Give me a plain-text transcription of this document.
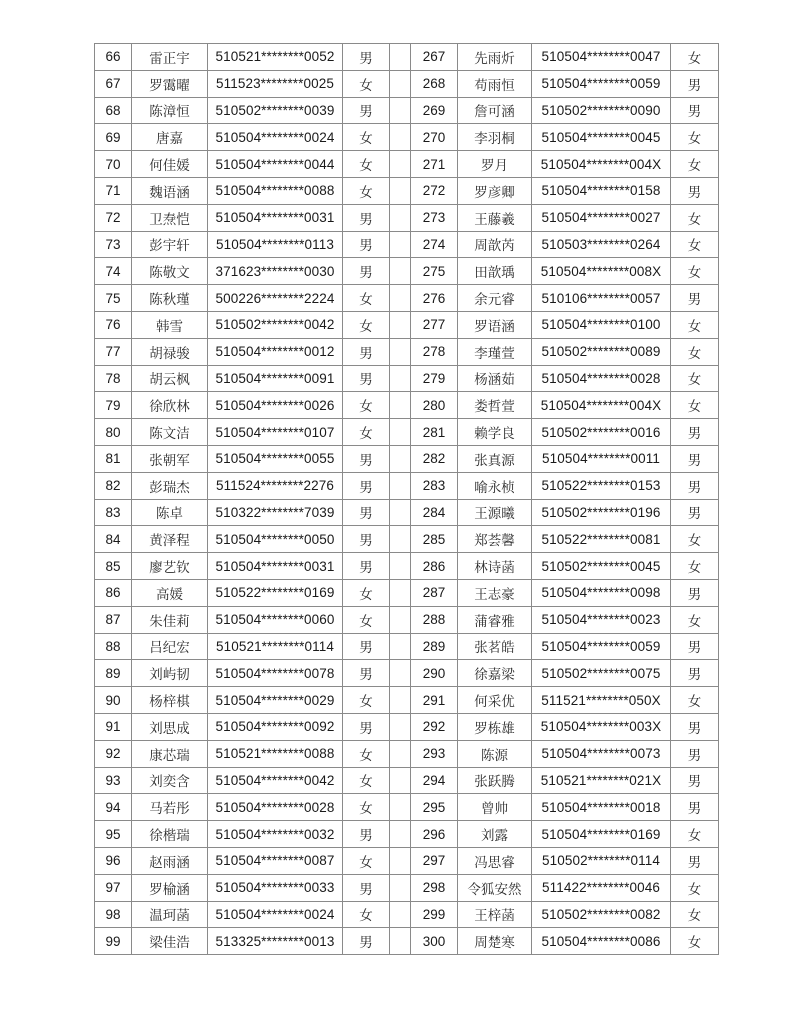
66	雷正宇	510521********0052	男		267	先雨炘	510504********0047	女
67	罗霭曜	511523********0025	女		268	苟雨恒	510504********0059	男
68	陈漳恒	510502********0039	男		269	詹可涵	510502********0090	男
69	唐嘉	510504********0024	女		270	李羽桐	510504********0045	女
70	何佳媛	510504********0044	女		271	罗月	510504********004X	女
71	魏语涵	510504********0088	女		272	罗彦卿	510504********0158	男
72	卫焘恺	510504********0031	男		273	王藤羲	510504********0027	女
73	彭宇轩	510504********0113	男		274	周歆芮	510503********0264	女
74	陈敬文	371623********0030	男		275	田歆瑀	510504********008X	女
75	陈秋瑾	500226********2224	女		276	余元睿	510106********0057	男
76	韩雪	510502********0042	女		277	罗语涵	510504********0100	女
77	胡禄骏	510504********0012	男		278	李瑾萱	510502********0089	女
78	胡云枫	510504********0091	男		279	杨涵茹	510504********0028	女
79	徐欣林	510504********0026	女		280	娄哲萱	510504********004X	女
80	陈文洁	510504********0107	女		281	赖学良	510502********0016	男
81	张朝军	510504********0055	男		282	张真源	510504********0011	男
82	彭瑞杰	511524********2276	男		283	喻永桢	510522********0153	男
83	陈卓	510322********7039	男		284	王源曦	510502********0196	男
84	黄泽程	510504********0050	男		285	郑荟馨	510522********0081	女
85	廖艺钦	510504********0031	男		286	林诗菡	510502********0045	女
86	高媛	510522********0169	女		287	王志豪	510504********0098	男
87	朱佳莉	510504********0060	女		288	蒲睿雅	510504********0023	女
88	吕纪宏	510521********0114	男		289	张茗皓	510504********0059	男
89	刘屿韧	510504********0078	男		290	徐嘉梁	510502********0075	男
90	杨梓棋	510504********0029	女		291	何采优	511521********050X	女
91	刘思成	510504********0092	男		292	罗栋雄	510504********003X	男
92	康芯瑞	510521********0088	女		293	陈源	510504********0073	男
93	刘奕含	510504********0042	女		294	张跃腾	510521********021X	男
94	马若彤	510504********0028	女		295	曾帅	510504********0018	男
95	徐楷瑞	510504********0032	男		296	刘露	510504********0169	女
96	赵雨涵	510504********0087	女		297	冯思睿	510502********0114	男
97	罗榆涵	510504********0033	男		298	令狐安然	511422********0046	女
98	温珂菡	510504********0024	女		299	王梓菡	510502********0082	女
99	梁佳浩	513325********0013	男		300	周楚寒	510504********0086	女
